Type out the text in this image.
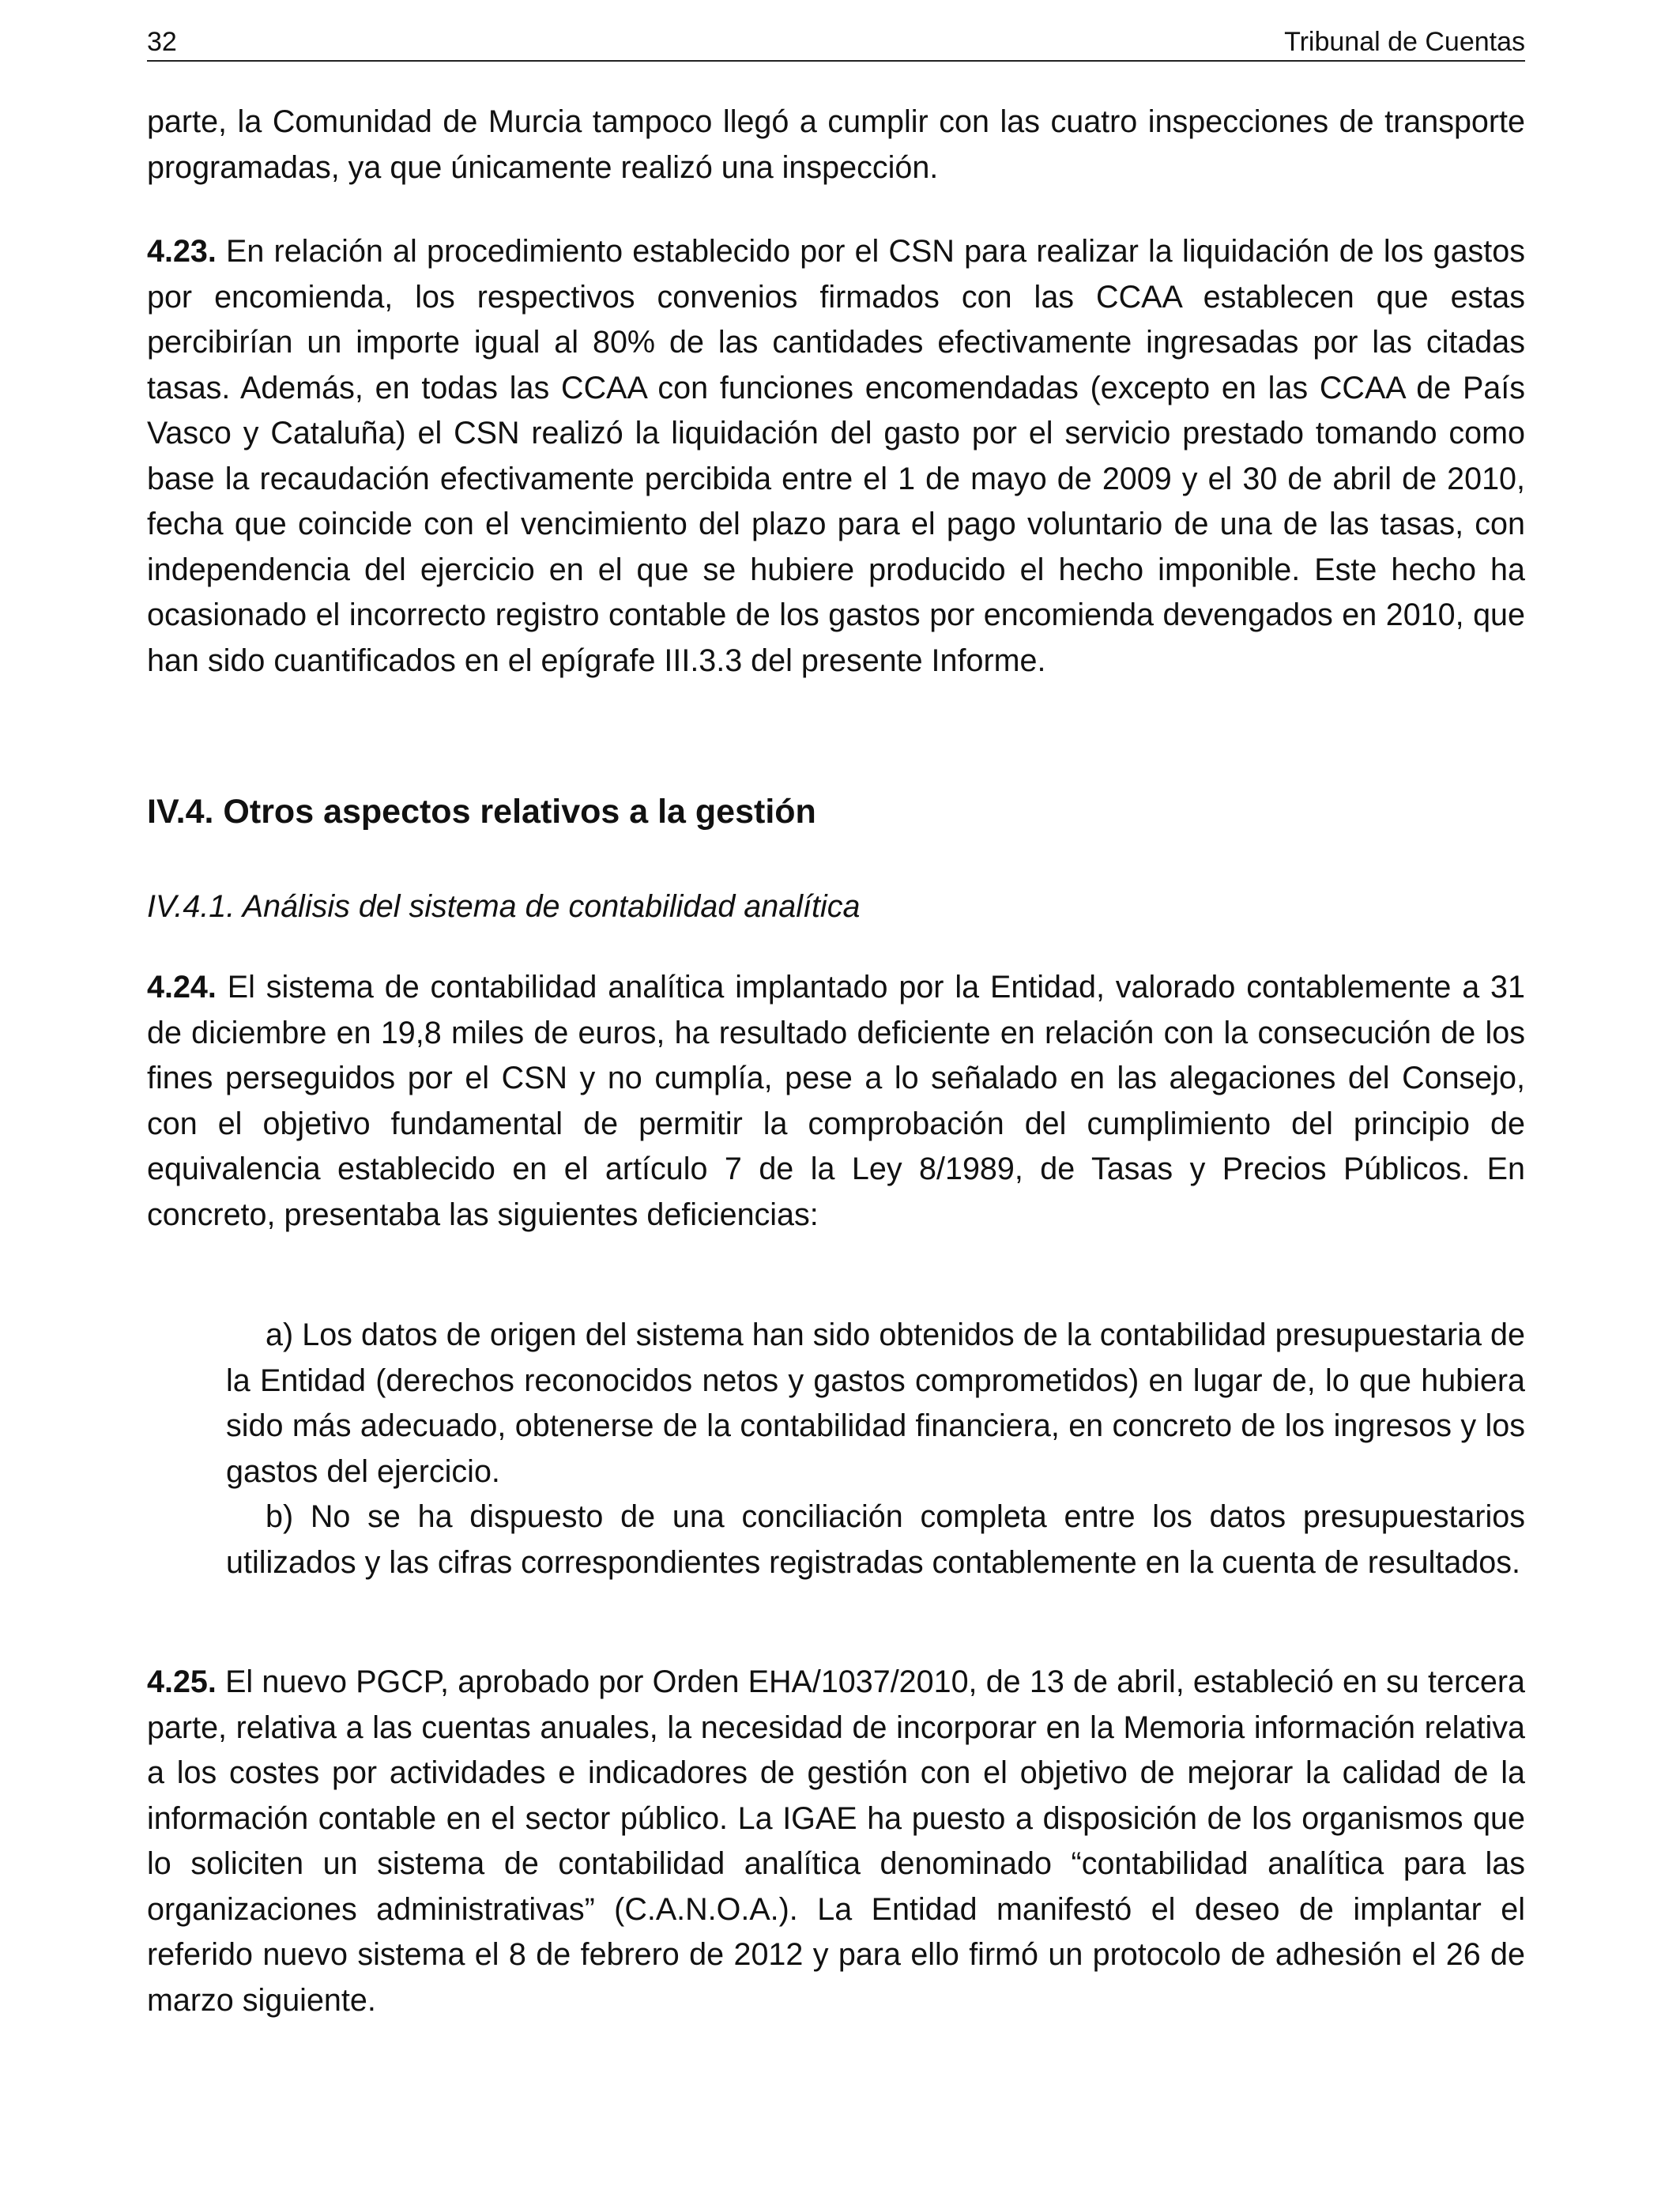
32	Tribunal de Cuentas

parte, la Comunidad de Murcia tampoco llegó a cumplir con las cuatro inspecciones de transporte programadas, ya que únicamente realizó una inspección.

4.23. En relación al procedimiento establecido por el CSN para realizar la liquidación de los gastos por encomienda, los respectivos convenios firmados con las CCAA establecen que estas percibirían un importe igual al 80% de las cantidades efectivamente ingresadas por las citadas tasas. Además, en todas las CCAA con funciones encomendadas (excepto en las CCAA de País Vasco y Cataluña) el CSN realizó la liquidación del gasto por el servicio prestado tomando como base la recaudación efectivamente percibida entre el 1 de mayo de 2009 y el 30 de abril de 2010, fecha que coincide con el vencimiento del plazo para el pago voluntario de una de las tasas, con independencia del ejercicio en el que se hubiere producido el hecho imponible. Este hecho ha ocasionado el incorrecto registro contable de los gastos por encomienda devengados en 2010, que han sido cuantificados en el epígrafe III.3.3 del presente Informe.

IV.4. Otros aspectos relativos a la gestión
IV.4.1. Análisis del sistema de contabilidad analítica

4.24. El sistema de contabilidad analítica implantado por la Entidad, valorado contablemente a 31 de diciembre en 19,8 miles de euros, ha resultado deficiente en relación con la consecución de los fines perseguidos por el CSN y no cumplía, pese a lo señalado en las alegaciones del Consejo, con el objetivo fundamental de permitir la comprobación del cumplimiento del principio de equivalencia establecido en el artículo 7 de la Ley 8/1989, de Tasas y Precios Públicos. En concreto, presentaba las siguientes deficiencias:

a) Los datos de origen del sistema han sido obtenidos de la contabilidad presupuestaria de la Entidad (derechos reconocidos netos y gastos comprometidos) en lugar de, lo que hubiera sido más adecuado, obtenerse de la contabilidad financiera, en concreto de los ingresos y los gastos del ejercicio.
b) No se ha dispuesto de una conciliación completa entre los datos presupuestarios utilizados y las cifras correspondientes registradas contablemente en la cuenta de resultados.

4.25. El nuevo PGCP, aprobado por Orden EHA/1037/2010, de 13 de abril, estableció en su tercera parte, relativa a las cuentas anuales, la necesidad de incorporar en la Memoria información relativa a los costes por actividades e indicadores de gestión con el objetivo de mejorar la calidad de la información contable en el sector público. La IGAE ha puesto a disposición de los organismos que lo soliciten un sistema de contabilidad analítica denominado “contabilidad analítica para las organizaciones administrativas” (C.A.N.O.A.). La Entidad manifestó el deseo de implantar el referido nuevo sistema el 8 de febrero de 2012 y para ello firmó un protocolo de adhesión el 26 de marzo siguiente.
